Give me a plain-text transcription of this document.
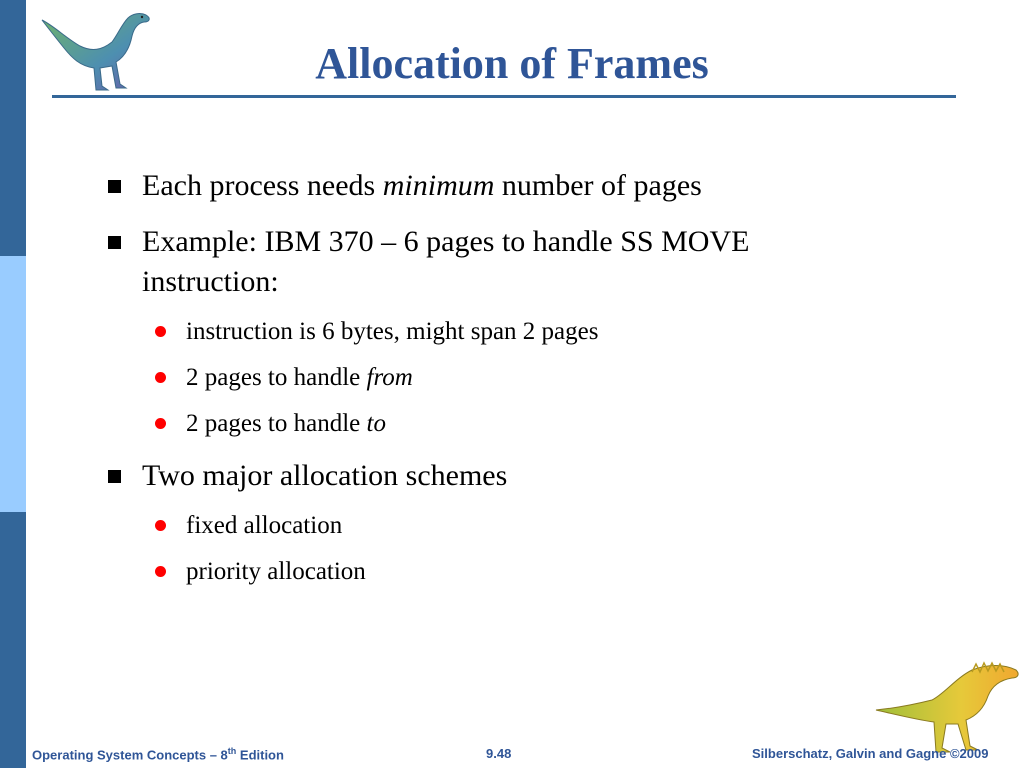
Allocation of Frames
Each process needs minimum number of pages
Example: IBM 370 – 6 pages to handle SS MOVE
instruction:
instruction is 6 bytes, might span 2 pages
2 pages to handle from
2 pages to handle to
Two major allocation schemes
fixed allocation
priority allocation
Operating System Concepts – 8th Edition	9.48	Silberschatz, Galvin and Gagne ©2009
